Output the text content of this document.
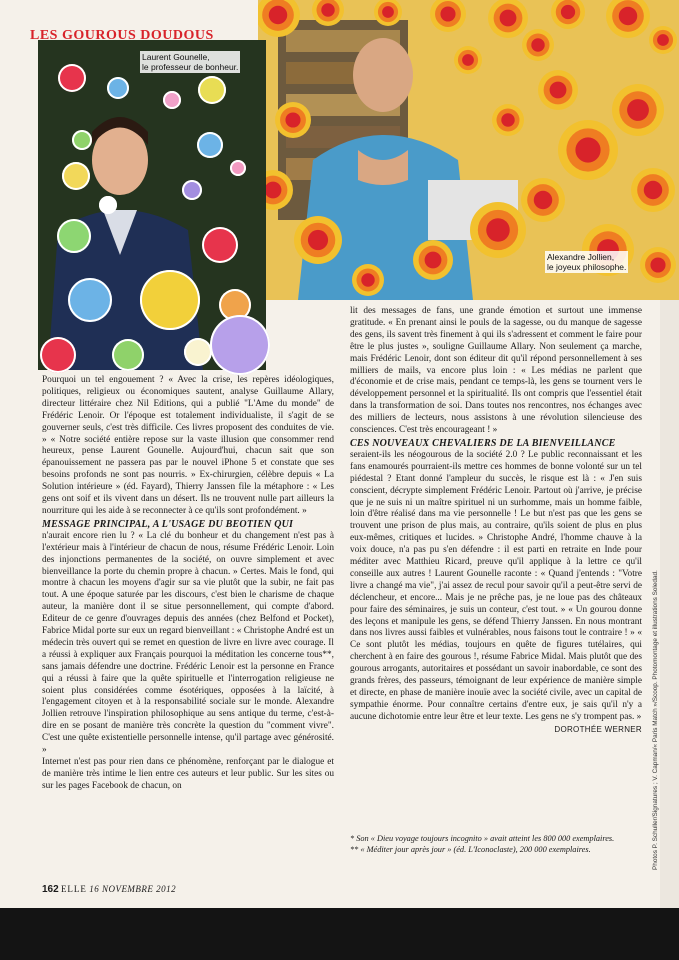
LES GOUROUS DOUDOUS
Laurent Gounelle,
le professeur de bonheur.
Alexandre Jollien,
le joyeux philosophe.

Pourquoi un tel engouement ? « Avec la crise, les repères idéologiques, politiques, religieux ou économiques sautent, analyse Guillaume Allary, directeur littéraire chez Nil Editions, qui a publié "L'Ame du monde" de Frédéric Lenoir. Or l'époque est totalement individualiste, il s'agit de se gouverner seuls, c'est très difficile. Ces livres proposent des conduites de vie. » « Notre société entière repose sur la vaste illusion que consommer rend heureux, pense Laurent Gounelle. Aujourd'hui, chacun sait que son épanouissement ne passera pas par le nouvel iPhone 5 et constate que ses besoins profonds ne sont pas nourris. » Ex-chirurgien, célèbre depuis « La Solution intérieure » (éd. Fayard), Thierry Janssen file la métaphore : « Les gens ont soif et ils vivent dans un désert. Ils ne trouvent nulle part ailleurs la nourriture qui les aide à se reconnecter à ce qu'ils sont profondément. »

MESSAGE PRINCIPAL, A L'USAGE DU BEOTIEN QUI

n'aurait encore rien lu ? « La clé du bonheur et du changement n'est pas à l'extérieur mais à l'intérieur de chacun de nous, résume Frédéric Lenoir. Loin des injonctions permanentes de la société, on ouvre simplement et avec bienveillance la porte du chemin propre à chacun. » Certes. Mais le fond, qui montre à chacun les moyens d'agir sur sa vie plutôt que la subir, ne fait pas tout. A une époque saturée par les discours, c'est bien le charisme de chaque auteur, la manière dont il se situe personnellement, qui compte d'abord. Editeur de ce genre d'ouvrages depuis des années (chez Belfond et Pocket), Fabrice Midal porte sur eux un regard bienveillant : « Christophe André est un médecin très ouvert qui se remet en question de livre en livre avec courage. Il a réussi à expliquer aux Français pourquoi la méditation les concerne tous**, sans jamais défendre une doctrine. Frédéric Lenoir est la personne en France qui a réussi à faire que la quête spirituelle et l'interrogation religieuse ne soient plus considérées comme ésotériques, opposées à la laïcité, à l'engagement citoyen et à la responsabilité sociale sur le monde. Alexandre Jollien retrouve l'inspiration philosophique au sens antique du terme, c'est-à-dire en se posant de manière très concrète la question du "comment vivre". C'est une quête existentielle personnelle intense, qu'il partage avec générosité. »

Internet n'est pas pour rien dans ce phénomène, renforçant par le dialogue et de manière très intime le lien entre ces auteurs et leur public. Sur les sites ou sur les pages Facebook de chacun, on

lit des messages de fans, une grande émotion et surtout une immense gratitude. « En prenant ainsi le pouls de la sagesse, ou du manque de sagesse des gens, ils savent très finement à qui ils s'adressent et comment le faire pour être le plus justes », souligne Guillaume Allary. Non seulement ça marche, mais Frédéric Lenoir, dont son éditeur dit qu'il répond personnellement à ses milliers de mails, va encore plus loin : « Les médias ne parlent que d'économie et de crise mais, pendant ce temps-là, les gens se tournent vers le développement personnel et la spiritualité. Ils ont compris que l'essentiel était dans la transformation de soi. Dans toutes nos rencontres, nos échanges avec des milliers de lecteurs, nous assistons à une révolution silencieuse des consciences. C'est très encourageant ! »

CES NOUVEAUX CHEVALIERS DE LA BIENVEILLANCE

seraient-ils les néogourous de la société 2.0 ? Le public reconnaissant et les fans enamourés pourraient-ils mettre ces hommes de bonne volonté sur un tel piédestal ? Etant donné l'ampleur du succès, le risque est là : « J'en suis conscient, décrypte simplement Frédéric Lenoir. Partout où j'arrive, je précise que je ne suis ni un maître spirituel ni un surhomme, mais un homme faible, loin d'être réalisé dans ma vie personnelle ! Le but n'est pas que les gens se trouvent une prison de plus mais, au contraire, qu'ils soient de plus en plus eux-mêmes, critiques et lucides. » Christophe André, l'homme chauve à la voix douce, n'a pas pu s'en défendre : il est parti en retraite en Inde pour méditer avec Matthieu Ricard, preuve qu'il applique à la lettre ce qu'il conseille aux autres ! Laurent Gounelle raconte : « Quand j'entends : "Votre livre a changé ma vie", j'ai assez de recul pour savoir qu'il a peut-être servi de déclencheur, et encore... Mais je ne prêche pas, je ne loue pas des châteaux pour faire des séminaires, je suis un conteur, c'est tout. » « Un gourou donne des leçons et manipule les gens, se défend Thierry Janssen. En nous montrant dans nos livres aussi faibles et vulnérables, nous faisons tout le contraire ! » « Ce sont plutôt les médias, toujours en quête de figures tutélaires, qui cherchent à en faire des gourous !, résume Fabrice Midal. Mais plutôt que des gourous arrogants, autoritaires et possédant un savoir inabordable, ce sont des grands frères, des passeurs, témoignant de leur expérience de manière simple et directe, en phase de manière inouïe avec la société civile, avec un capital de sympathie énorme. Pour connaître certains d'entre eux, je sais qu'il n'y a aucune dichotomie entre leur être et leur texte. Les gens ne s'y trompent pas. »
DOROTHÉE WERNER

* Son « Dieu voyage toujours incognito » avait atteint les 800 000 exemplaires.

** « Méditer jour après jour » (éd. L'Iconoclaste), 200 000 exemplaires.

162 ELLE 16 NOVEMBRE 2012
Photos P. Schuller/Signatures ; V. Capman/« Paris Match »/Scoop. Photomontage et illustrations Soledad.
